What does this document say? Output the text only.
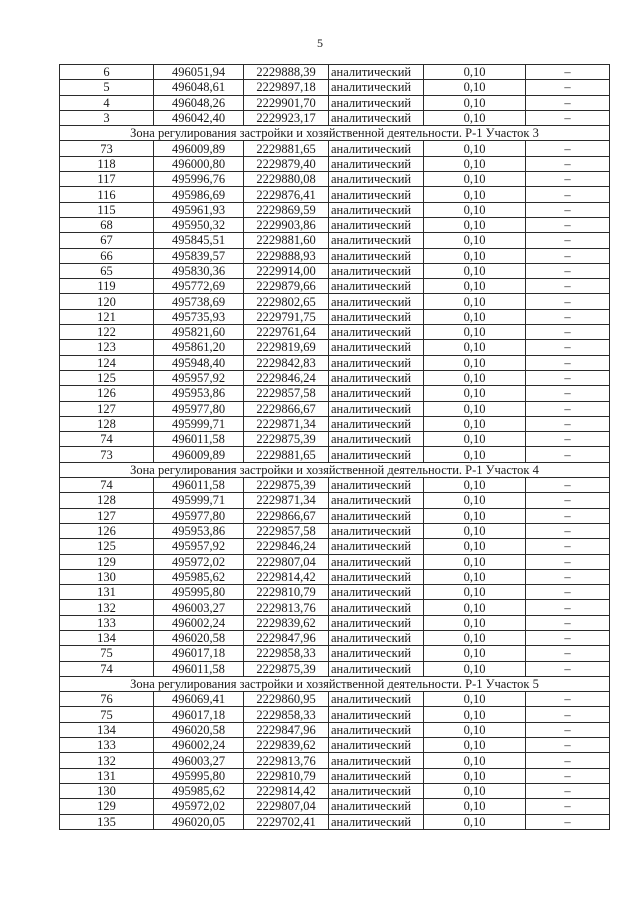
5
6	496051,94	2229888,39	аналитический	0,10	–
5	496048,61	2229897,18	аналитический	0,10	–
4	496048,26	2229901,70	аналитический	0,10	–
3	496042,40	2229923,17	аналитический	0,10	–
Зона регулирования застройки и хозяйственной деятельности. Р-1 Участок 3					
73	496009,89	2229881,65	аналитический	0,10	–
118	496000,80	2229879,40	аналитический	0,10	–
117	495996,76	2229880,08	аналитический	0,10	–
116	495986,69	2229876,41	аналитический	0,10	–
115	495961,93	2229869,59	аналитический	0,10	–
68	495950,32	2229903,86	аналитический	0,10	–
67	495845,51	2229881,60	аналитический	0,10	–
66	495839,57	2229888,93	аналитический	0,10	–
65	495830,36	2229914,00	аналитический	0,10	–
119	495772,69	2229879,66	аналитический	0,10	–
120	495738,69	2229802,65	аналитический	0,10	–
121	495735,93	2229791,75	аналитический	0,10	–
122	495821,60	2229761,64	аналитический	0,10	–
123	495861,20	2229819,69	аналитический	0,10	–
124	495948,40	2229842,83	аналитический	0,10	–
125	495957,92	2229846,24	аналитический	0,10	–
126	495953,86	2229857,58	аналитический	0,10	–
127	495977,80	2229866,67	аналитический	0,10	–
128	495999,71	2229871,34	аналитический	0,10	–
74	496011,58	2229875,39	аналитический	0,10	–
73	496009,89	2229881,65	аналитический	0,10	–
Зона регулирования застройки и хозяйственной деятельности. Р-1 Участок 4					
74	496011,58	2229875,39	аналитический	0,10	–
128	495999,71	2229871,34	аналитический	0,10	–
127	495977,80	2229866,67	аналитический	0,10	–
126	495953,86	2229857,58	аналитический	0,10	–
125	495957,92	2229846,24	аналитический	0,10	–
129	495972,02	2229807,04	аналитический	0,10	–
130	495985,62	2229814,42	аналитический	0,10	–
131	495995,80	2229810,79	аналитический	0,10	–
132	496003,27	2229813,76	аналитический	0,10	–
133	496002,24	2229839,62	аналитический	0,10	–
134	496020,58	2229847,96	аналитический	0,10	–
75	496017,18	2229858,33	аналитический	0,10	–
74	496011,58	2229875,39	аналитический	0,10	–
Зона регулирования застройки и хозяйственной деятельности. Р-1 Участок 5					
76	496069,41	2229860,95	аналитический	0,10	–
75	496017,18	2229858,33	аналитический	0,10	–
134	496020,58	2229847,96	аналитический	0,10	–
133	496002,24	2229839,62	аналитический	0,10	–
132	496003,27	2229813,76	аналитический	0,10	–
131	495995,80	2229810,79	аналитический	0,10	–
130	495985,62	2229814,42	аналитический	0,10	–
129	495972,02	2229807,04	аналитический	0,10	–
135	496020,05	2229702,41	аналитический	0,10	–
